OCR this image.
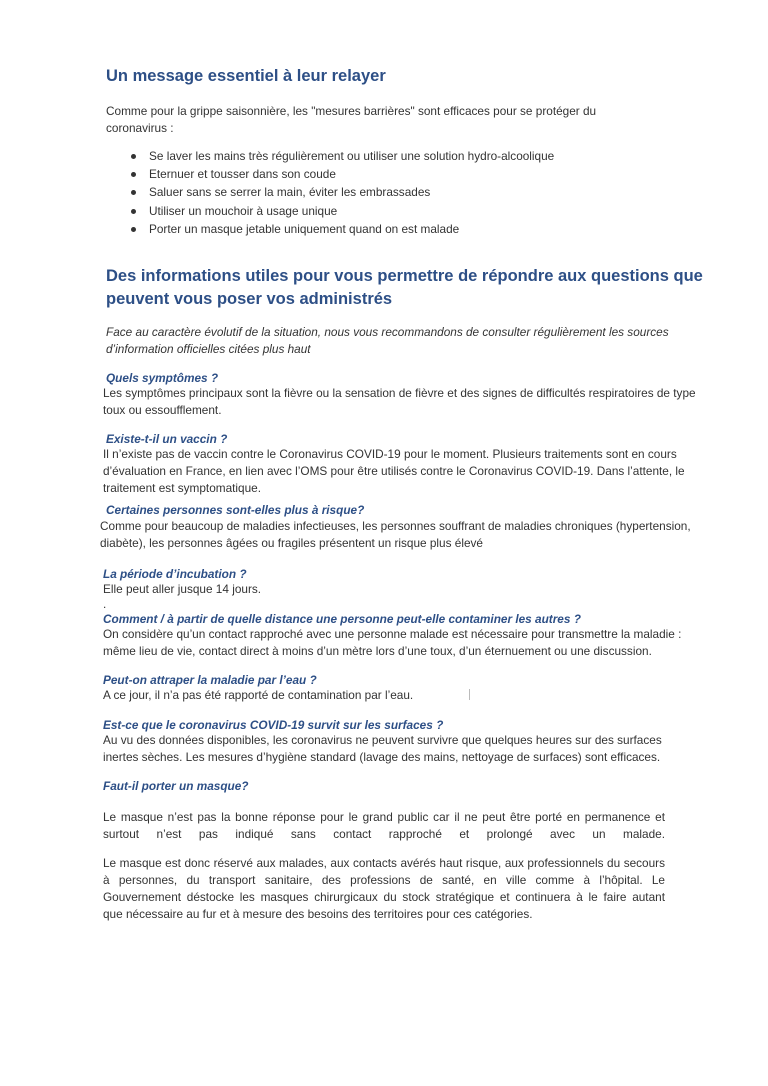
Un message essentiel à leur relayer
Comme pour la grippe saisonnière, les "mesures barrières" sont efficaces pour se protéger du
coronavirus :
Se laver les mains très régulièrement ou utiliser une solution hydro-alcoolique
Eternuer et tousser dans son coude
Saluer sans se serrer la main, éviter les embrassades
Utiliser un mouchoir à usage unique
Porter un masque jetable uniquement quand on est malade
Des informations utiles pour vous permettre de répondre aux questions que
peuvent vous poser vos administrés
Face au caractère évolutif de la situation, nous vous recommandons de consulter régulièrement les sources
d’information officielles citées plus haut
Quels symptômes ?
Les symptômes principaux sont la fièvre ou la sensation de fièvre et des signes de difficultés respiratoires de type
toux ou essoufflement.
Existe-t-il un vaccin ?
Il n’existe pas de vaccin contre le Coronavirus COVID-19 pour le moment. Plusieurs traitements sont en cours
d’évaluation en France, en lien avec l’OMS pour être utilisés contre le Coronavirus COVID-19. Dans l’attente, le
traitement est symptomatique.
Certaines personnes sont-elles plus à risque?
Comme pour beaucoup de maladies infectieuses, les personnes souffrant de maladies chroniques (hypertension,
diabète), les personnes âgées ou fragiles présentent un risque plus élevé
La période d’incubation ?
Elle peut aller jusque 14 jours.
.
Comment / à partir de quelle distance une personne peut-elle contaminer les autres ?
On considère qu’un contact rapproché avec une personne malade est nécessaire pour transmettre la maladie :
même lieu de vie, contact direct à moins d’un mètre lors d’une toux, d’un éternuement ou une discussion.
Peut-on attraper la maladie par l’eau ?
A ce jour, il n’a pas été rapporté de contamination par l’eau.
Est-ce que le coronavirus COVID-19 survit sur les surfaces ?
Au vu des données disponibles, les coronavirus ne peuvent survivre que quelques heures sur des surfaces
inertes sèches. Les mesures d’hygiène standard (lavage des mains, nettoyage de surfaces) sont efficaces.
Faut-il porter un masque?
Le masque n’est pas la bonne réponse pour le grand public car il ne peut être porté en permanence et
surtout n’est pas indiqué sans contact rapproché et prolongé avec un malade.
Le masque est donc réservé aux malades, aux contacts avérés haut risque, aux professionnels du secours
à personnes, du transport sanitaire, des professions de santé, en ville comme à l’hôpital. Le
Gouvernement déstocke les masques chirurgicaux du stock stratégique et continuera à le faire autant
que nécessaire au fur et à mesure des besoins des territoires pour ces catégories.
